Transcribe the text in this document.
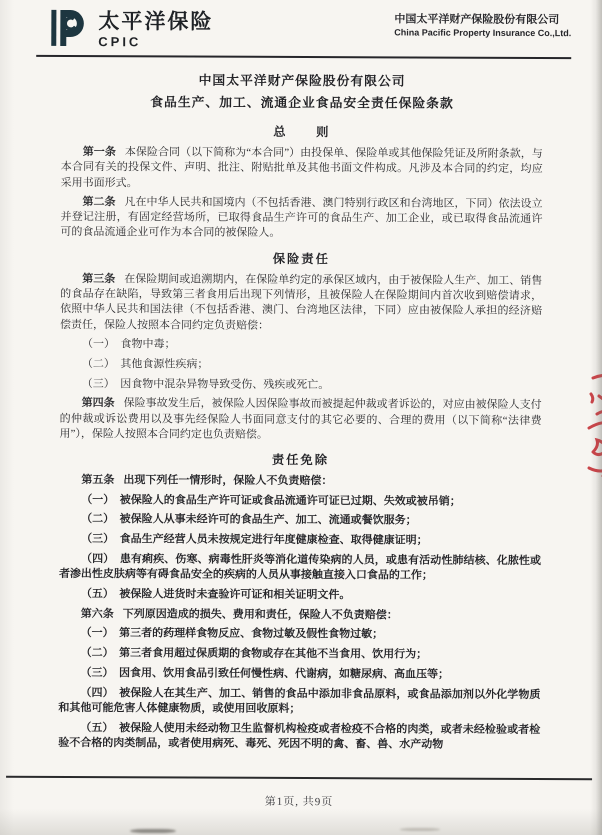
太平洋保险
CPIC
中国太平洋财产保险股份有限公司
China Pacific Property Insurance Co.,Ltd.
中国太平洋财产保险股份有限公司
食品生产、加工、流通企业食品安全责任保险条款
总　　则

第一条 本保险合同（以下简称为“本合同”）由投保单、保险单或其他保险凭证及所附条款，与本合同有关的投保文件、声明、批注、附贴批单及其他书面文件构成。凡涉及本合同的约定，均应采用书面形式。

第二条 凡在中华人民共和国境内（不包括香港、澳门特别行政区和台湾地区，下同）依法设立并登记注册，有固定经营场所，已取得食品生产许可的食品生产、加工企业，或已取得食品流通许可的食品流通企业可作为本合同的被保险人。

保险责任

第三条 在保险期间或追溯期内，在保险单约定的承保区域内，由于被保险人生产、加工、销售的食品存在缺陷，导致第三者食用后出现下列情形，且被保险人在保险期间内首次收到赔偿请求，依照中华人民共和国法律（不包括香港、澳门、台湾地区法律，下同）应由被保险人承担的经济赔偿责任，保险人按照本合同约定负责赔偿：

（一）　食物中毒；

（二）　其他食源性疾病；

（三）　因食物中混杂异物导致受伤、残疾或死亡。

第四条 保险事故发生后，被保险人因保险事故而被提起仲裁或者诉讼的，对应由被保险人支付的仲裁或诉讼费用以及事先经保险人书面同意支付的其它必要的、合理的费用（以下简称“法律费用”），保险人按照本合同约定也负责赔偿。

责任免除

第五条 出现下列任一情形时，保险人不负责赔偿：

（一）　被保险人的食品生产许可证或食品流通许可证已过期、失效或被吊销；

（二）　被保险人从事未经许可的食品生产、加工、流通或餐饮服务；

（三）　食品生产经营人员未按规定进行年度健康检查、取得健康证明；

（四）　患有痢疾、伤寒、病毒性肝炎等消化道传染病的人员，或患有活动性肺结核、化脓性或者渗出性皮肤病等有碍食品安全的疾病的人员从事接触直接入口食品的工作；

（五）　被保险人进货时未查验许可证和相关证明文件。

第六条 下列原因造成的损失、费用和责任，保险人不负责赔偿：

（一）　第三者的药理样食物反应、食物过敏及假性食物过敏；

（二）　第三者食用超过保质期的食物或存在其他不当食用、饮用行为；

（三）　因食用、饮用食品引致任何慢性病、代谢病，如糖尿病、高血压等；

（四）　被保险人在其生产、加工、销售的食品中添加非食品原料，或食品添加剂以外化学物质和其他可能危害人体健康物质，或使用回收原料；

（五）　被保险人使用未经动物卫生监督机构检疫或者检疫不合格的肉类，或者未经检验或者检验不合格的肉类制品，或者使用病死、毒死、死因不明的禽、畜、兽、水产动物

第1页, 共9页
